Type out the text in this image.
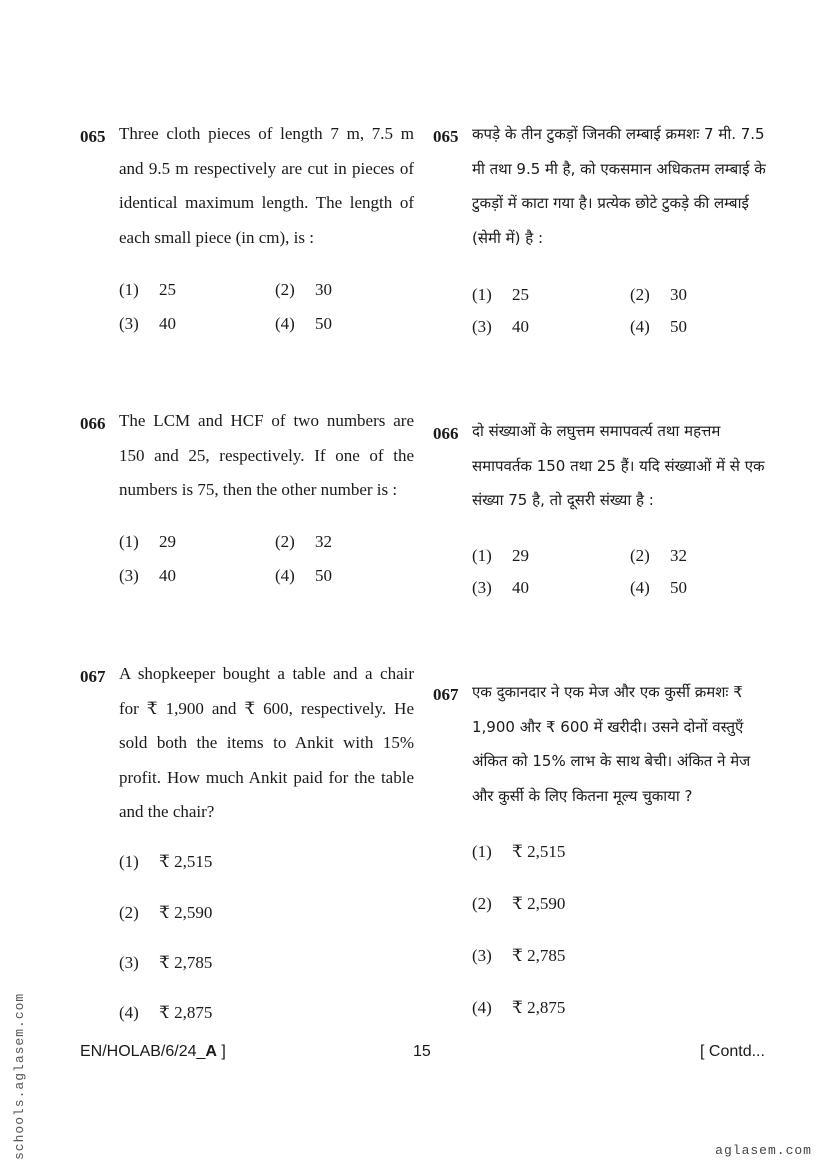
065 Three cloth pieces of length 7 m, 7.5 m and 9.5 m respectively are cut in pieces of identical maximum length. The length of each small piece (in cm), is :
(1) 25	(2) 30
(3) 40	(4) 50
065 कपड़े के तीन टुकड़ों जिनकी लम्बाई क्रमशः 7 मी. 7.5 मी तथा 9.5 मी है, को एकसमान अधिकतम लम्बाई के टुकड़ों में काटा गया है। प्रत्येक छोटे टुकड़े की लम्बाई (सेमी में) है :
(1) 25	(2) 30
(3) 40	(4) 50
066 The LCM and HCF of two numbers are 150 and 25, respectively. If one of the numbers is 75, then the other number is :
(1) 29	(2) 32
(3) 40	(4) 50
066 दो संख्याओं के लघुत्तम समापवर्त्य तथा महत्तम समापवर्तक 150 तथा 25 हैं। यदि संख्याओं में से एक संख्या 75 है, तो दूसरी संख्या है :
(1) 29	(2) 32
(3) 40	(4) 50
067 A shopkeeper bought a table and a chair for ₹ 1,900 and ₹ 600, respectively. He sold both the items to Ankit with 15% profit. How much Ankit paid for the table and the chair?
(1) ₹ 2,515
(2) ₹ 2,590
(3) ₹ 2,785
(4) ₹ 2,875
067 एक दुकानदार ने एक मेज और एक कुर्सी क्रमशः ₹ 1,900 और ₹ 600 में खरीदी। उसने दोनों वस्तुएँ अंकित को 15% लाभ के साथ बेची। अंकित ने मेज और कुर्सी के लिए कितना मूल्य चुकाया ?
(1) ₹ 2,515
(2) ₹ 2,590
(3) ₹ 2,785
(4) ₹ 2,875
EN/HOLAB/6/24_A ]	15	[ Contd...
schools.aglasem.com	aglasem.com
